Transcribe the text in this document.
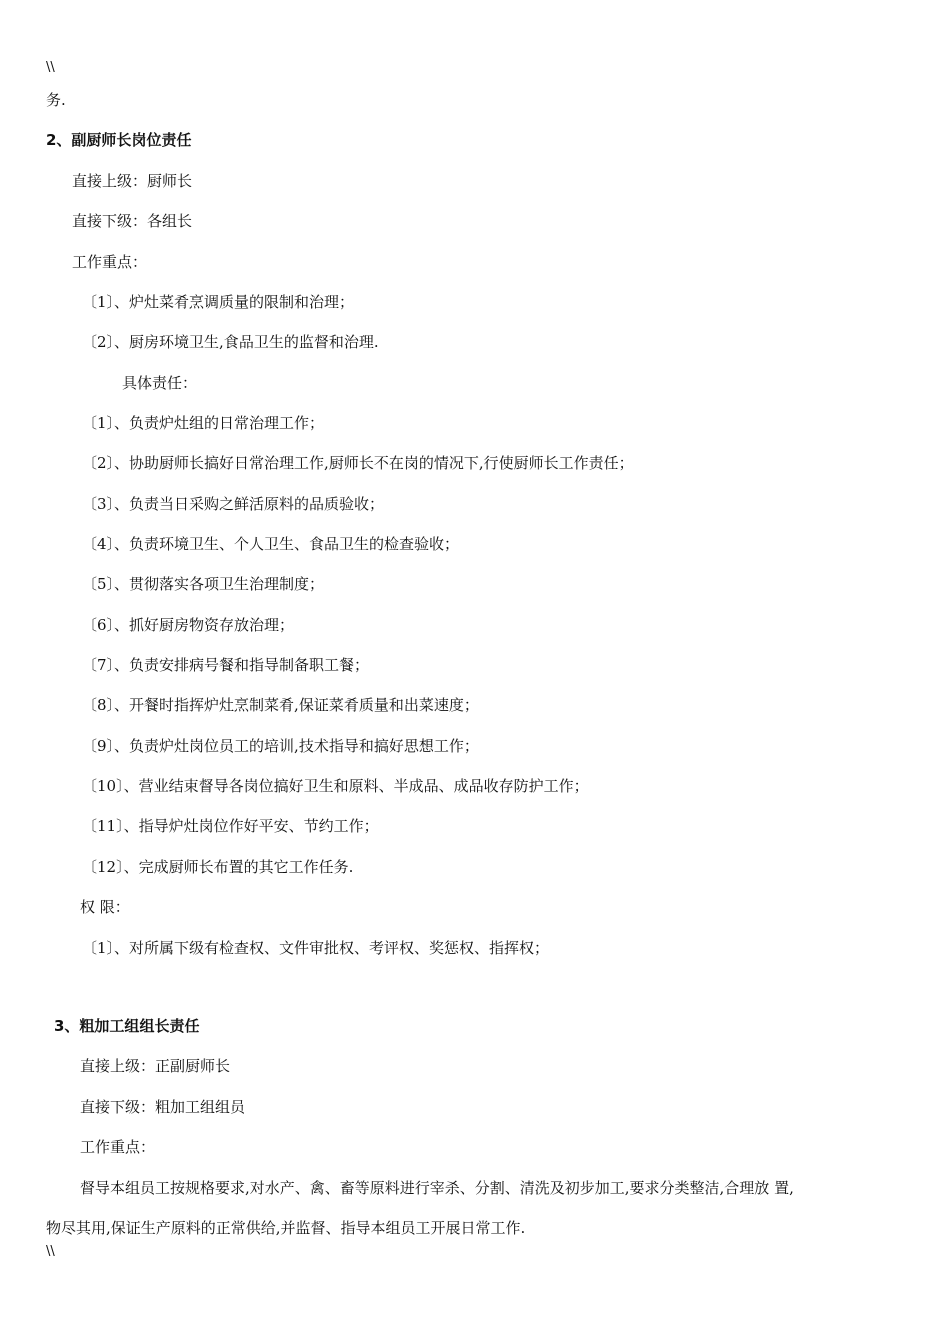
\\
务.
2、副厨师长岗位责任
直接上级：厨师长
直接下级：各组长
工作重点：
〔1〕、炉灶菜肴烹调质量的限制和治理；
〔2〕、厨房环境卫生,食品卫生的监督和治理.
具体责任：
〔1〕、负责炉灶组的日常治理工作；
〔2〕、协助厨师长搞好日常治理工作,厨师长不在岗的情况下,行使厨师长工作责任；
〔3〕、负责当日采购之鲜活原料的品质验收；
〔4〕、负责环境卫生、个人卫生、食品卫生的检查验收；
〔5〕、贯彻落实各项卫生治理制度；
〔6〕、抓好厨房物资存放治理；
〔7〕、负责安排病号餐和指导制备职工餐；
〔8〕、开餐时指挥炉灶烹制菜肴,保证菜肴质量和出菜速度；
〔9〕、负责炉灶岗位员工的培训,技术指导和搞好思想工作；
〔10〕、营业结束督导各岗位搞好卫生和原料、半成品、成品收存防护工作；
〔11〕、指导炉灶岗位作好平安、节约工作；
〔12〕、完成厨师长布置的其它工作任务.
权 限：
〔1〕、对所属下级有检查权、文件审批权、考评权、奖惩权、指挥权；
3、粗加工组组长责任
直接上级：正副厨师长
直接下级：粗加工组组员
工作重点：
督导本组员工按规格要求,对水产、禽、畜等原料进行宰杀、分割、清洗及初步加工,要求分类整洁,合理放 置,
物尽其用,保证生产原料的正常供给,并监督、指导本组员工开展日常工作.
\\
